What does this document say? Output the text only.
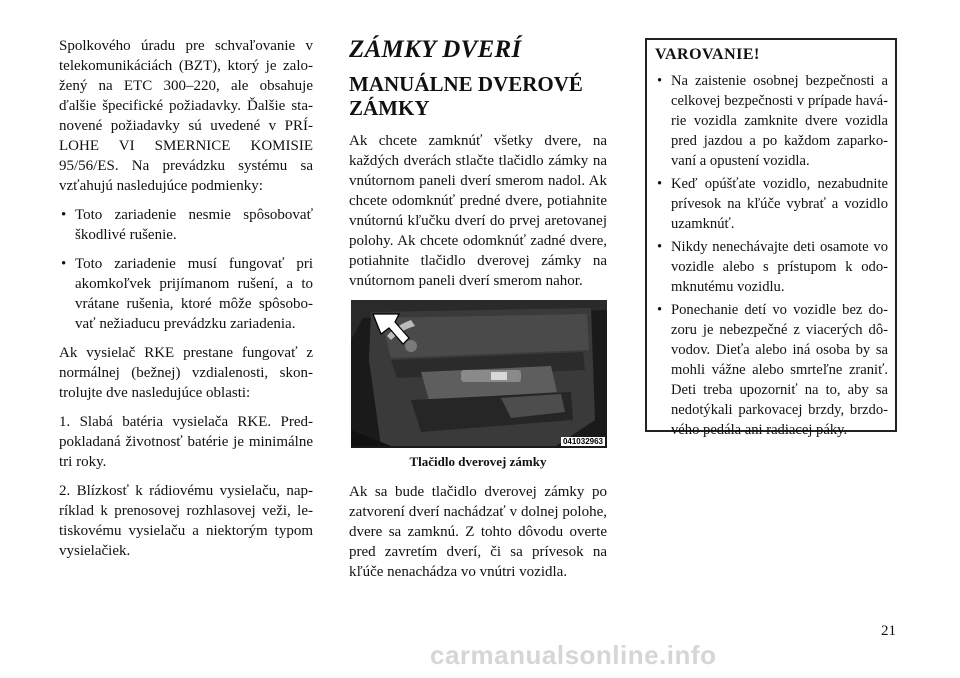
Spolkového úradu pre schvaľovanie v telekomunikáciách (BZT), ktorý je založený na ETC 300–220, ale obsahuje ďalšie špecifické požiadavky. Ďalšie stanovené požiadavky sú uvedené v PRÍLOHE VI SMERNICE KOMISIE 95/56/ES. Na prevádzku systému sa vzťahujú nasledujúce podmienky:

• Toto zariadenie nesmie spôsobovať škodlivé rušenie.
• Toto zariadenie musí fungovať pri akomkoľvek prijímanom rušení, a to vrátane rušenia, ktoré môže spôsobovať nežiaducu prevádzku zariadenia.

Ak vysielač RKE prestane fungovať z normálnej (bežnej) vzdialenosti, skontrolujte dve nasledujúce oblasti:

1. Slabá batéria vysielača RKE. Predpokladaná životnosť batérie je minimálne tri roky.

2. Blízkosť k rádiovému vysielaču, napríklad k prenosovej rozhlasovej veži, letiskovému vysielaču a niektorým typom vysielačiek.

ZÁMKY DVERÍ
MANUÁLNE DVEROVÉ ZÁMKY

Ak chcete zamknúť všetky dvere, na každých dverách stlačte tlačidlo zámky na vnútornom paneli dverí smerom nadol. Ak chcete odomknúť predné dvere, potiahnite vnútornú kľučku dverí do prvej aretovanej polohy. Ak chcete odomknúť zadné dvere, potiahnite tlačidlo dverovej zámky na vnútornom paneli dverí smerom nahor.

041032963

Tlačidlo dverovej zámky

Ak sa bude tlačidlo dverovej zámky po zatvorení dverí nachádzať v dolnej polohe, dvere sa zamknú. Z tohto dôvodu overte pred zavretím dverí, či sa prívesok na kľúče nenachádza vo vnútri vozidla.

VAROVANIE!
• Na zaistenie osobnej bezpečnosti a celkovej bezpečnosti v prípade havárie vozidla zamknite dvere vozidla pred jazdou a po každom zaparkovaní a opustení vozidla.
• Keď opúšťate vozidlo, nezabudnite prívesok na kľúče vybrať a vozidlo uzamknúť.
• Nikdy nenechávajte deti osamote vo vozidle alebo s prístupom k odomknutému vozidlu.
• Ponechanie detí vo vozidle bez dozoru je nebezpečné z viacerých dôvodov. Dieťa alebo iná osoba by sa mohli vážne alebo smrteľne zraniť. Deti treba upozorniť na to, aby sa nedotýkali parkovacej brzdy, brzdového pedála ani radiacej páky.
21
carmanualsonline.info
